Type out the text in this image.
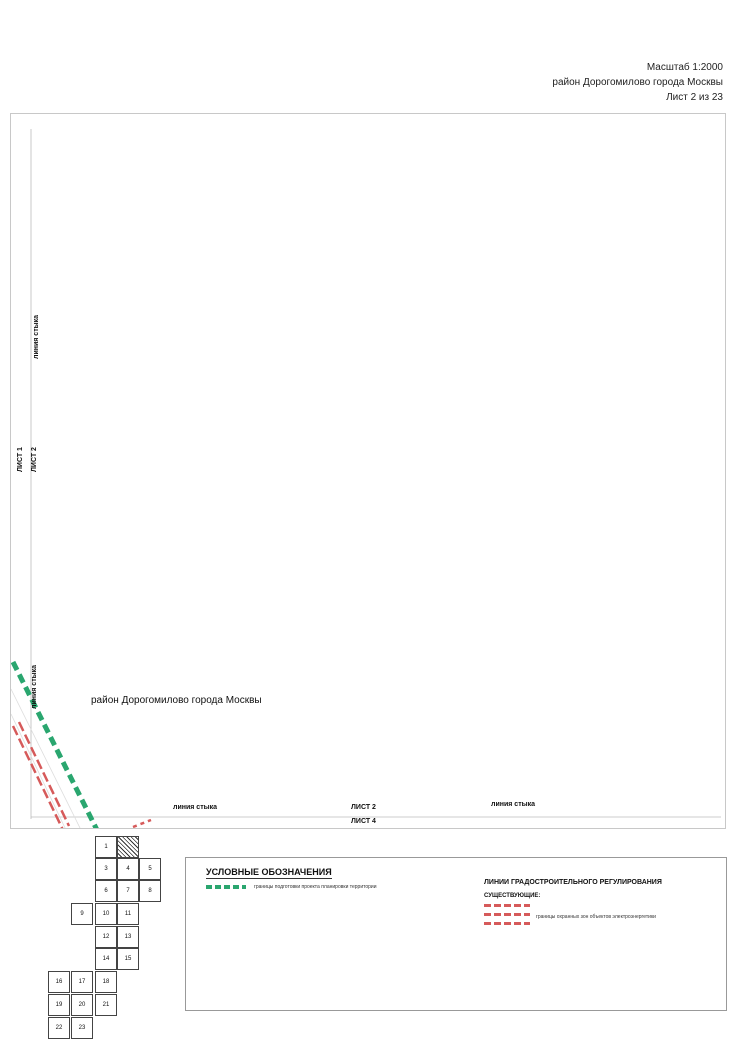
Масштаб 1:2000
район Дорогомилово города Москвы
Лист 2 из 23
линия стыка
ЛИСТ 1 ЛИСТ 2
линия стыка	район Дорогомилово города Москвы
линия стыка	ЛИСТ 2	линия стыка
ЛИСТ 4
1
3	4	5
6	7	8
9	10	11
12	13
14	15
16	17	18
19	20	21
22	23
УСЛОВНЫЕ ОБОЗНАЧЕНИЯ
границы подготовки проекта планировки территории
ЛИНИИ ГРАДОСТРОИТЕЛЬНОГО РЕГУЛИРОВАНИЯ
СУЩЕСТВУЮЩИЕ:
границы охранных зон объектов электроэнергетики
